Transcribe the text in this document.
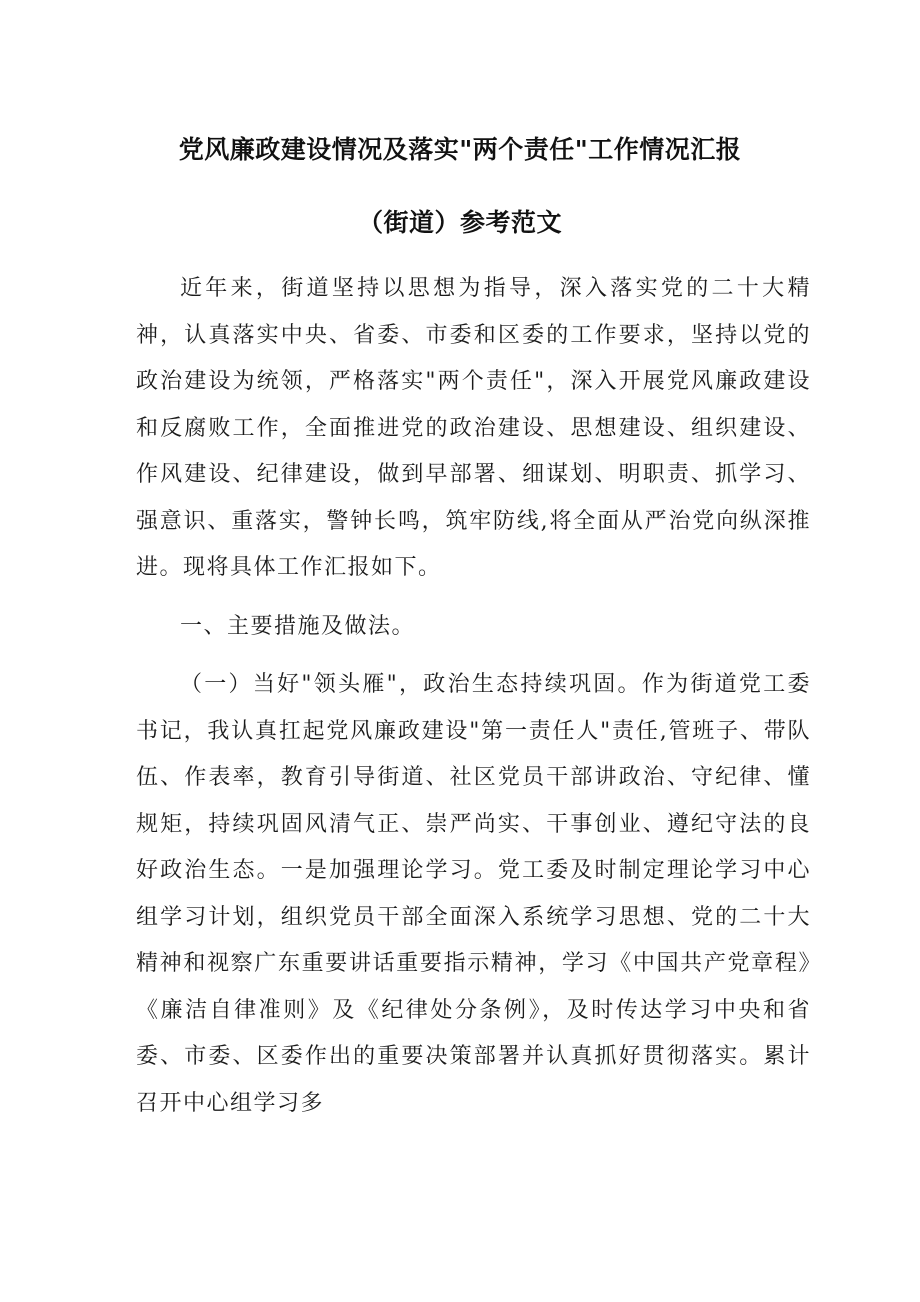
党风廉政建设情况及落实"两个责任"工作情况汇报
（街道）参考范文

近年来，街道坚持以思想为指导，深入落实党的二十大精神，认真落实中央、省委、市委和区委的工作要求，坚持以党的政治建设为统领，严格落实"两个责任"，深入开展党风廉政建设和反腐败工作，全面推进党的政治建设、思想建设、组织建设、作风建设、纪律建设，做到早部署、细谋划、明职责、抓学习、强意识、重落实，警钟长鸣，筑牢防线,将全面从严治党向纵深推进。现将具体工作汇报如下。

一、主要措施及做法。

（一）当好"领头雁"，政治生态持续巩固。作为街道党工委书记，我认真扛起党风廉政建设"第一责任人"责任,管班子、带队伍、作表率，教育引导街道、社区党员干部讲政治、守纪律、懂规矩，持续巩固风清气正、崇严尚实、干事创业、遵纪守法的良好政治生态。一是加强理论学习。党工委及时制定理论学习中心组学习计划，组织党员干部全面深入系统学习思想、党的二十大精神和视察广东重要讲话重要指示精神，学习《中国共产党章程》《廉洁自律准则》及《纪律处分条例》，及时传达学习中央和省委、市委、区委作出的重要决策部署并认真抓好贯彻落实。累计召开中心组学习多
